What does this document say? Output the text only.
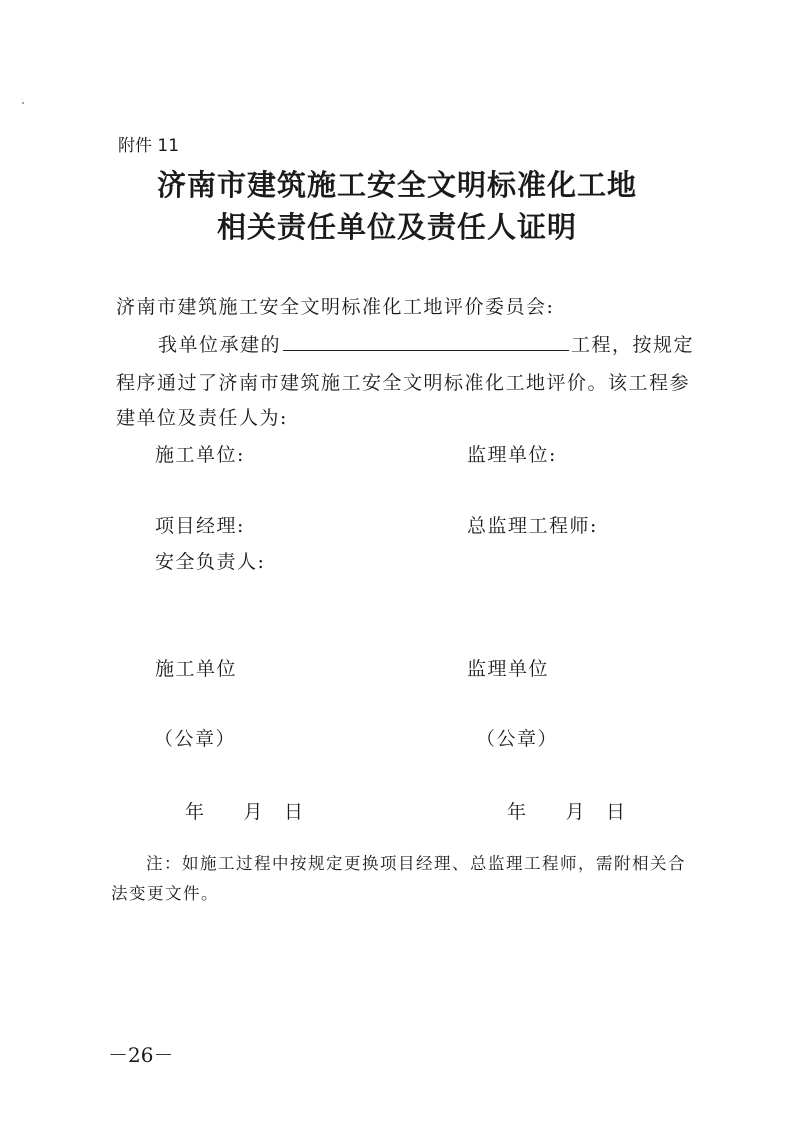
附件 11
济南市建筑施工安全文明标准化工地
相关责任单位及责任人证明
济南市建筑施工安全文明标准化工地评价委员会:
我单位承建的	工程，按规定
程序通过了济南市建筑施工安全文明标准化工地评价。该工程参
建单位及责任人为:
施工单位:	监理单位:
项目经理:	总监理工程师:
安全负责人:
施工单位	监理单位
（公章）	（公章）
年 月 日	年 月 日
注：如施工过程中按规定更换项目经理、总监理工程师，需附相关合
法变更文件。
－26－
